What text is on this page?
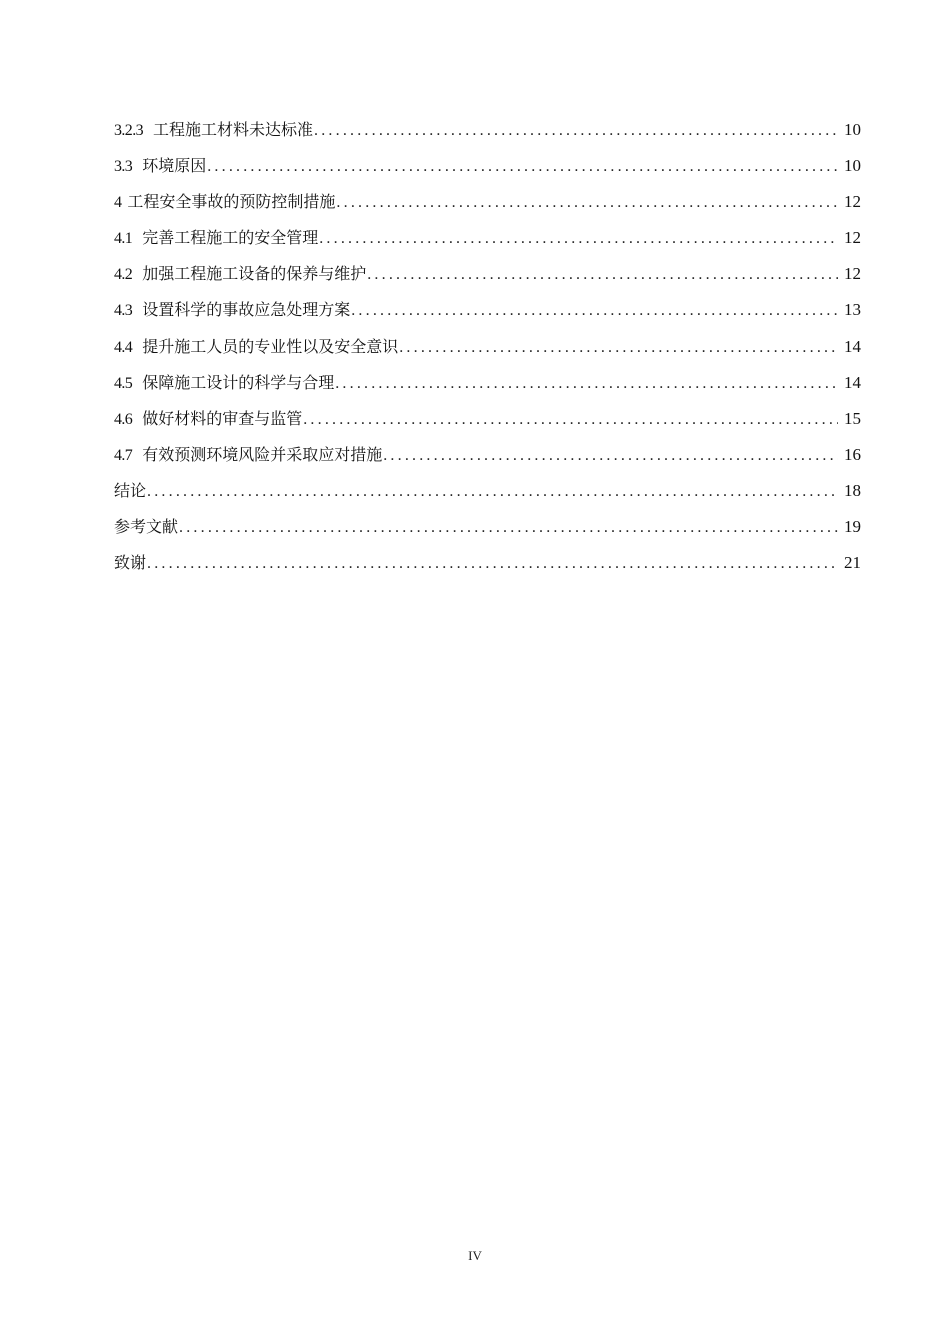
3.2.3 工程施工材料未达标准 .....	10
3.3 环境原因 .....	10
4 工程安全事故的预防控制措施 .....	12
4.1 完善工程施工的安全管理 .....	12
4.2 加强工程施工设备的保养与维护 .....	12
4.3 设置科学的事故应急处理方案 .....	13
4.4 提升施工人员的专业性以及安全意识 .....	14
4.5 保障施工设计的科学与合理 .....	14
4.6 做好材料的审查与监管 .....	15
4.7 有效预测环境风险并采取应对措施 .....	16
结论 .....	18
参考文献 .....	19
致谢 .....	21
IV
